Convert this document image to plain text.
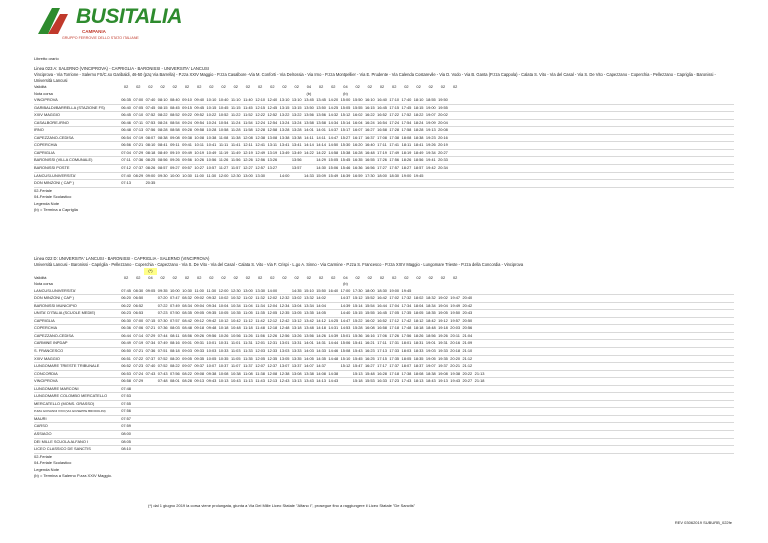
BUSITALIA
CAMPANIA
GRUPPO FERROVIE DELLO STATO ITALIANE
Libretto orario
Linea 023 A: SALERNO (VINCIPROVA) - CAPRIGLIA - BARONISSI - UNIVERSITA' LANCUSI
Vinciprova - Via Torrione - Salerno FS/C.so Garibaldi, 46-50 (pzq Via Barrella) - P.zza XXIV Maggio - P.zza Casalbore -Via M. Conforti - Via Delrossia - Via Irno - P.zza Montpellier - Via E. Prudente - Via Calenda Costarevile - Via D. Vodo - Via B. Ganta (P.zza Cappola) - Calata S. Vito - Via del Casal - Via S. De Vito - Capezzano - Coperchia - Pellezzano - Capriglia - Baronissi - Università Lancusi
Validità	02	02	02	02	02	02	02	02	02	02	02	02	02	02	02	04	02	02	04	02	02	02	02	02	02	02	02	02
Nota corsa	(b)	(b)
VINCIPROVA	06:35 07:00 07:40 08:10 08:40 09:10 09:40 10:10 10:40 11:10 11:40 12:10 12:40 13:10 13:10 13:45 13:45 14:20 15:00 15:50 16:10 16:40 17:10 17:40 18:10 18:55 19:50
GARIBALDI/BARRELLA (STAZIONE FS)	06:40 07:05 07:45 08:15 08:45 09:15 09:45 10:15 10:45 11:15 11:45 12:15 12:45 13:15 13:15 13:50 13:50 14:25 15:05 15:55 16:15 16:45 17:15 17:45 18:15 19:00 19:55
XXIV MAGGIO	06:45 07:10 07:52 08:22 08:52 09:22 09:52 10:22 10:52 11:22 11:52 12:22 12:52 13:22 13:22 13:56 13:56 14:32 15:12 16:02 16:22 16:52 17:22 17:52 18:22 19:07 20:02
CASALBORE-IRNO	06:46 07:11 07:53 08:24 08:54 09:24 09:54 10:24 10:54 11:24 11:54 12:24 12:54 13:24 13:24 13:58 13:58 14:34 15:14 16:04 16:24 16:54 17:24 17:54 18:24 19:09 20:04
IRNO	06:48 07:13 07:56 08:28 08:58 09:28 09:58 10:28 10:58 11:28 11:58 12:28 12:58 13:28 13:28 14:01 14:01 14:37 15:17 16:07 16:27 16:58 17:28 17:58 18:28 19:13 20:08
CAPEZZANO-CEDISA	06:54 07:19 08:07 08:38 09:08 09:38 10:08 10:38 11:08 11:38 12:08 12:38 13:08 13:38 13:38 14:11 14:11 14:47 15:27 16:17 16:37 17:08 17:38 18:08 18:38 19:23 20:16
COPERCHIA	06:56 07:21 08:10 08:41 09:11 09:41 10:11 10:41 11:11 11:41 12:11 12:41 13:11 13:41 13:41 14:14 14:14 14:50 15:30 16:20 16:40 17:11 17:41 18:11 18:41 19:26 20:19
CAPRIGLIA	07:04 07:29 08:18 08:49 09:19 09:49 10:19 10:49 11:19 11:49 12:19 12:49 13:19 13:49 13:49 14:22 14:22 14:58 15:38 16:28 16:48 17:19 17:49 18:19 18:49 19:34 20:27
BARONISSI (VILLA COMUNALE)	07:11 07:36 08:25 08:56 09:26 09:56 10:26 10:56 11:26 11:56 12:26 12:56 13:26	13:56	14:29 15:05 15:45 16:35 16:55 17:26 17:56 18:26 18:56 19:41 20:33
BARONISSI POSTE	07:12 07:37 08:26 08:57 09:27 09:57 10:27 10:57 11:27 11:57 12:27 12:57 13:27	13:57	14:30 15:06 15:46 16:36 16:56 17:27 17:57 18:27 18:57 19:42 20:34
LANCUSI-UNIVERSITA'	07:40 08:29 09:00 09:30 10:00 10:30 11:00 11:30 12:00 12:30 13:00 13:30	14:00	14:33 15:09 15:49 16:39 16:59 17:30 18:00 18:30 19:00 19:45
DON MINZONI ( CAP )	07:13	20:35
02-Feriale
04-Feriale Scolastico
Legenda Note
(b) = Termina a Capriglia
Linea 022 D: UNIVERSITA' LANCUSI - BARONISSI - CAPRIGLIA - SALERNO (VINCIPROVA)
Università Lancusi - Baronissi - Capriglia - Pellezzano - Coperchia - Capezzano - Via S. De Vito - Via del Casal - Calata S. Vito - Via F. Crispi - L.go A. Sinno - Via Carmine - P.zza S. Francesco - P.zza XXIV Maggio - Lungomare Trieste - P.zza della Concordia - Vinciprova
(*)
Validità	02	02	04	02	02	02	02	02	02	02	02	02	02	02	02	02	02	02	04	02	02	02	02	02	02	02	02	02
Nota corsa	(b)
LANCUSI-UNIVERSITA'	07:45 08:30 09:05 09:35 10:00 10:30 11:00 11:30 12:00 12:30 13:00 13:30 14:00	14:35 15:10 15:50 16:40 17:00 17:30 18:00 18:30 19:00 19:45
DON MINZONI ( CAP )	06:20 06:50	07:20 07:47 08:32 09:02 09:32 10:02 10:32 11:02 11:32 12:02 12:32 13:02 13:32 14:02	14:37 15:12 15:52 16:42 17:02 17:32 18:02 18:32 19:02 19:47 20:40
BARONISSI MUNICIPIO	06:22 06:52	07:22 07:49 08:34 09:04 09:34 10:04 10:34 11:04 11:34 12:04 12:34 13:04 13:34 14:04	14:39 15:14 15:54 16:44 17:04 17:34 18:04 18:34 19:04 19:49 20:42
UNITA' D'ITALIA (SCUOLE MEDIE)	06:23 06:53	07:23 07:50 08:35 09:05 09:35 10:05 10:35 11:05 11:35 12:05 12:35 13:05 13:35 14:05	14:40 15:15 15:55 16:45 17:05 17:35 18:05 18:35 19:05 19:50 20:43
CAPRIGLIA	06:30 07:00 07:15 07:30 07:57 08:42 09:12 09:42 10:12 10:42 11:12 11:42 12:12 12:42 13:12 13:42 14:12 14:25 14:47 15:22 16:02 16:52 17:12 17:42 18:12 18:42 19:12 19:57 20:50
COPERCHIA	06:36 07:06 07:21 07:36 08:03 08:48 09:18 09:48 10:18 10:48 11:18 11:48 12:18 12:48 13:18 13:48 14:18 14:31 14:53 15:28 16:08 16:58 17:18 17:48 18:18 18:48 19:18 20:03 20:56
CAPEZZANO-CEDISA	06:44 07:14 07:29 07:44 08:11 08:56 09:26 09:56 10:26 10:56 11:26 11:56 12:26 12:56 13:26 13:56 14:26 14:39 15:01 15:36 16:16 17:06 17:26 17:56 18:26 18:56 19:26 20:11 21:04
CARMINE INPDAP	06:49 07:19 07:34 07:49 08:16 09:01 09:31 10:01 10:31 11:01 11:31 12:01 12:31 13:01 13:31 14:01 14:31 14:44 15:06 15:41 16:21 17:11 17:31 18:01 18:31 19:01 19:31 20:16 21:09
S. FRANCESCO	06:50 07:21 07:36 07:51 08:18 09:03 09:33 10:03 10:33 11:03 11:33 12:03 12:33 13:03 13:33 14:03 14:33 14:46 15:08 15:43 16:23 17:13 17:33 18:03 18:33 19:03 19:33 20:18 21:10
XXIV MAGGIO	06:51 07:22 07:37 07:52 08:20 09:05 09:35 10:05 10:35 11:05 11:35 12:05 12:35 13:05 13:35 14:05 14:35 14:48 15:10 15:45 16:25 17:15 17:35 18:05 18:35 19:05 19:35 20:20 21:12
LUNGOMARE TRIESTE TRIBUNALE	06:52 07:23 07:40 07:52 08:22 09:07 09:37 10:07 10:37 11:07 11:37 12:07 12:37 13:07 13:37 14:07 14:37	15:12 15:47 16:27 17:17 17:37 18:07 18:37 19:07 19:37 20:21 21:12
CONCORDIA	06:53 07:24 07:43 07:43 07:56 08:22 09:08 09:38 10:08 10:38 11:08 11:38 12:08 12:38 13:08 13:38 14:08 14:38	15:13 15:48 16:28 17:18 17:38 18:08 18:38 19:08 19:38 20:22 21:13
VINCIPROVA	06:58 07:29	07:48 08:01 08:28 09:13 09:43 10:13 10:43 11:13 11:43 12:13 12:43 13:13 13:43 14:13 14:43	15:18 15:53 16:33 17:23 17:43 18:13 18:43 19:13 19:43 20:27 21:18
LUNGOMARE MARCONI	07:48
LUNGOMARE COLOMBO MERCATELLO	07:53
MERCATELLO (MONS. GRASSO)	07:55
P.ZZA GIOVANNI XXIII (VIA GIUSEPPE BRODOLINI)	07:56
MAURI	07:57
CARSO	07:59
ASSIAGO	08:00
DEI MILLE SCUOLA ALFANO I	08:05
LICEO CLASSICO DE SANCTIS	08:10
02-Feriale
04-Feriale Scolastico
Legenda Note
(b) = Termina a Salerno P.zza XXIV Maggio.
(*) dal 1 giugno 2019 la corsa viene prolungata, giunta a Via Dei Mille Liceo Statale "Alfano I", prosegue fino a raggiungere il Liceo Statale "De Sanctis"
REV 03062019 SUBURB_022fe
